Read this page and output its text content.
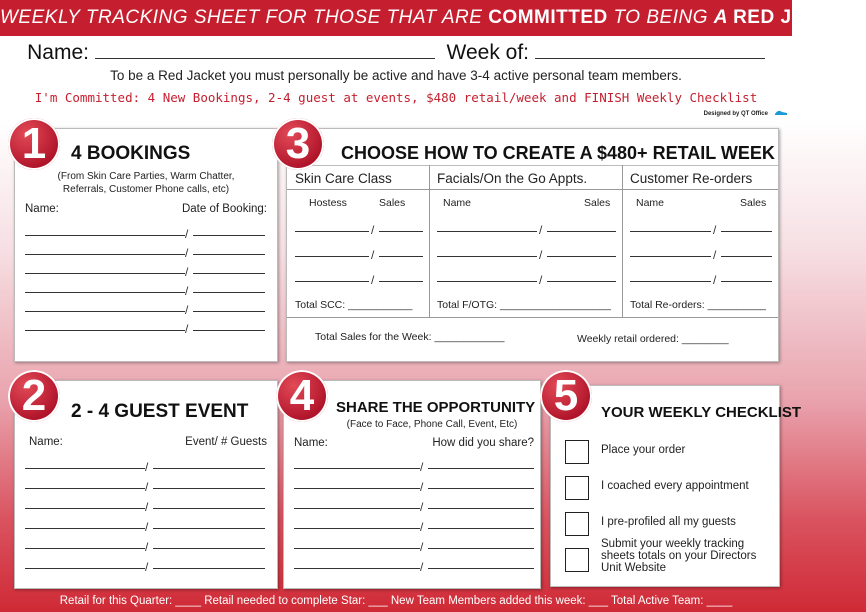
WEEKLY TRACKING SHEET FOR THOSE THAT ARE COMMITTED TO BEING A RED JACKET!
Name:	Week of:
To be a Red Jacket you must personally be active and have 3-4 active personal team members.
I'm Committed: 4 New Bookings, 2-4 guest at events, $480 retail/week and FINISH Weekly Checklist
Designed by QT Office
4 BOOKINGS
(From Skin Care Parties, Warm Chatter,
Referrals, Customer Phone calls, etc)
Name:	Date of Booking:
/
/
/
/
/
/
1	CHOOSE HOW TO CREATE A $480+ RETAIL WEEK
Skin Care Class
Hostess	Sales
/
/
/
Total SCC: ___________
Facials/On the Go Appts.
Name	Sales
/
/
/
Total F/OTG: ___________________
Customer Re-orders
Name	Sales
/
/
/
Total Re-orders: __________
Total Sales for the Week: ____________	Weekly retail ordered: ________
3
2 - 4 GUEST EVENT
Name:	Event/ # Guests
/
/
/
/
/
/
2	SHARE THE OPPORTUNITY
(Face to Face, Phone Call, Event, Etc)
Name:	How did you share?
/
/
/
/
/
/
4	YOUR WEEKLY CHECKLIST
Place your order
I coached every appointment
I pre-profiled all my guests
Submit your weekly tracking sheets totals on your Directors Unit Website
5
Retail for this Quarter: ____ Retail needed to complete Star: ___ New Team Members added this week: ___ Total Active Team: ____
